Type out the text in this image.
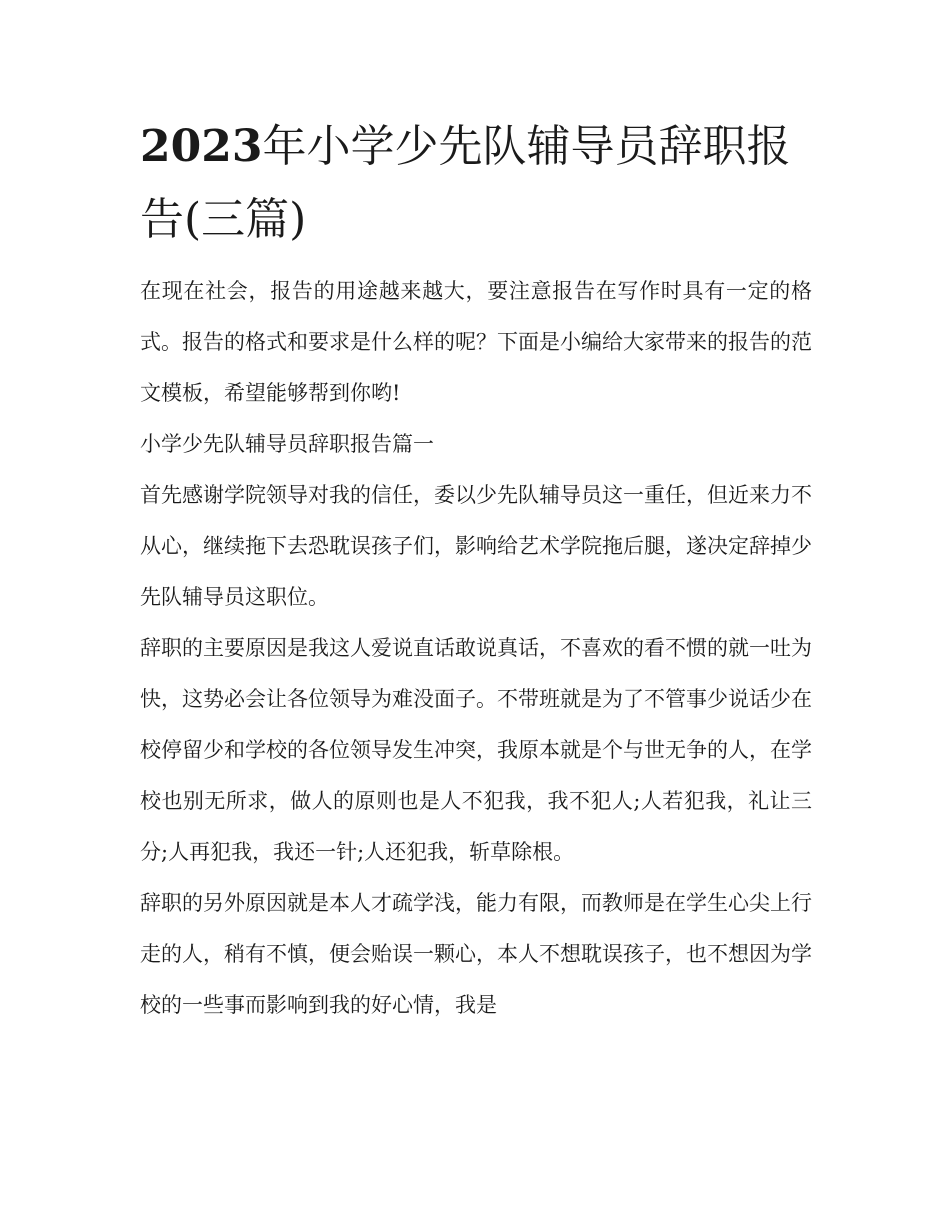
2023年小学少先队辅导员辞职报告(三篇)

在现在社会，报告的用途越来越大，要注意报告在写作时具有一定的格式。报告的格式和要求是什么样的呢？下面是小编给大家带来的报告的范文模板，希望能够帮到你哟!

小学少先队辅导员辞职报告篇一

首先感谢学院领导对我的信任，委以少先队辅导员这一重任，但近来力不从心，继续拖下去恐耽误孩子们，影响给艺术学院拖后腿，遂决定辞掉少先队辅导员这职位。

辞职的主要原因是我这人爱说直话敢说真话，不喜欢的看不惯的就一吐为快，这势必会让各位领导为难没面子。不带班就是为了不管事少说话少在校停留少和学校的各位领导发生冲突，我原本就是个与世无争的人，在学校也别无所求，做人的原则也是人不犯我，我不犯人;人若犯我，礼让三分;人再犯我，我还一针;人还犯我，斩草除根。

辞职的另外原因就是本人才疏学浅，能力有限，而教师是在学生心尖上行走的人，稍有不慎，便会贻误一颗心，本人不想耽误孩子，也不想因为学校的一些事而影响到我的好心情，我是
